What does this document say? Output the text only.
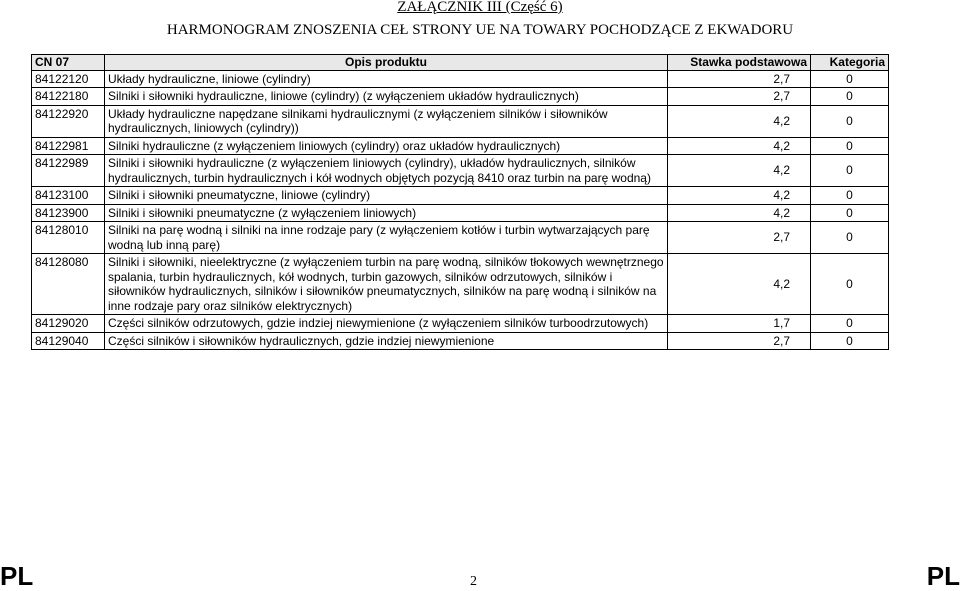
ZAŁĄCZNIK III (Część 6)
HARMONOGRAM ZNOSZENIA CEŁ STRONY UE NA TOWARY POCHODZĄCE Z EKWADORU
CN 07	Opis produktu	Stawka podstawowa	Kategoria
84122120	Układy hydrauliczne, liniowe (cylindry)	2,7	0
84122180	Silniki i siłowniki hydrauliczne, liniowe (cylindry) (z wyłączeniem układów hydraulicznych)	2,7	0
84122920	Układy hydrauliczne napędzane silnikami hydraulicznymi (z wyłączeniem silników i siłowników hydraulicznych, liniowych (cylindry))	4,2	0
84122981	Silniki hydrauliczne (z wyłączeniem liniowych (cylindry) oraz układów hydraulicznych)	4,2	0
84122989	Silniki i siłowniki hydrauliczne (z wyłączeniem liniowych (cylindry), układów hydraulicznych, silników hydraulicznych, turbin hydraulicznych i kół wodnych objętych pozycją 8410 oraz turbin na parę wodną)	4,2	0
84123100	Silniki i siłowniki pneumatyczne, liniowe (cylindry)	4,2	0
84123900	Silniki i siłowniki pneumatyczne (z wyłączeniem liniowych)	4,2	0
84128010	Silniki na parę wodną i silniki na inne rodzaje pary (z wyłączeniem kotłów i turbin wytwarzających parę wodną lub inną parę)	2,7	0
84128080	Silniki i siłowniki, nieelektryczne (z wyłączeniem turbin na parę wodną, silników tłokowych wewnętrznego spalania, turbin hydraulicznych, kół wodnych, turbin gazowych, silników odrzutowych, silników i siłowników hydraulicznych, silników i siłowników pneumatycznych, silników na parę wodną i silników na inne rodzaje pary oraz silników elektrycznych)	4,2	0
84129020	Części silników odrzutowych, gdzie indziej niewymienione (z wyłączeniem silników turboodrzutowych)	1,7	0
84129040	Części silników i siłowników hydraulicznych, gdzie indziej niewymienione	2,7	0
PL	2	PL
